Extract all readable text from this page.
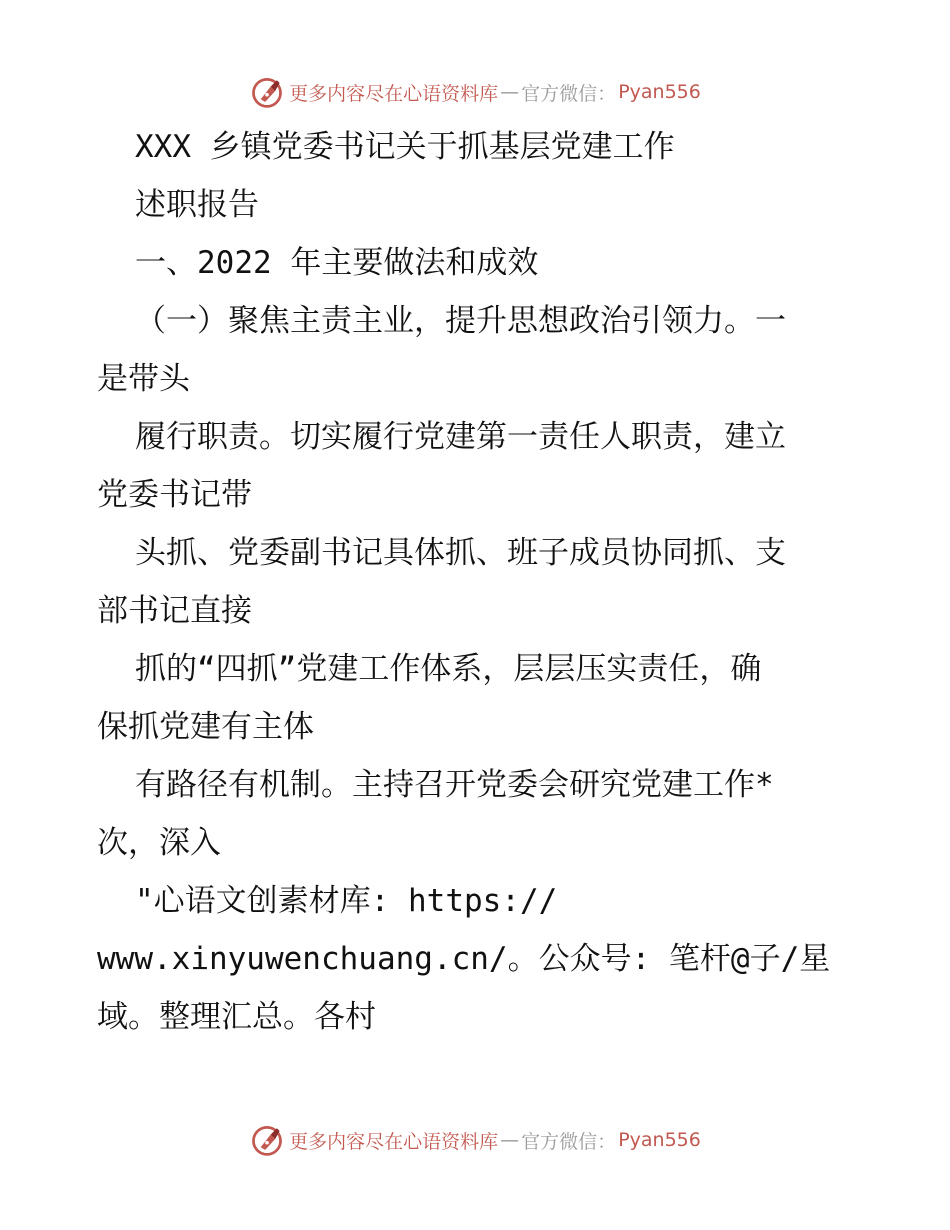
更多内容尽在心语资料库 — 官方微信： Pyan556

XXX 乡镇党委书记关于抓基层党建工作

述职报告

一、2022 年主要做法和成效

（一）聚焦主责主业，提升思想政治引领力。一

是带头

履行职责。切实履行党建第一责任人职责，建立

党委书记带

头抓、党委副书记具体抓、班子成员协同抓、支

部书记直接

抓的“四抓”党建工作体系，层层压实责任，确

保抓党建有主体

有路径有机制。主持召开党委会研究党建工作*

次，深入

"心语文创素材库: https://

www.xinyuwenchuang.cn/。公众号: 笔杆@子/星

域。整理汇总。各村

更多内容尽在心语资料库 — 官方微信： Pyan556
